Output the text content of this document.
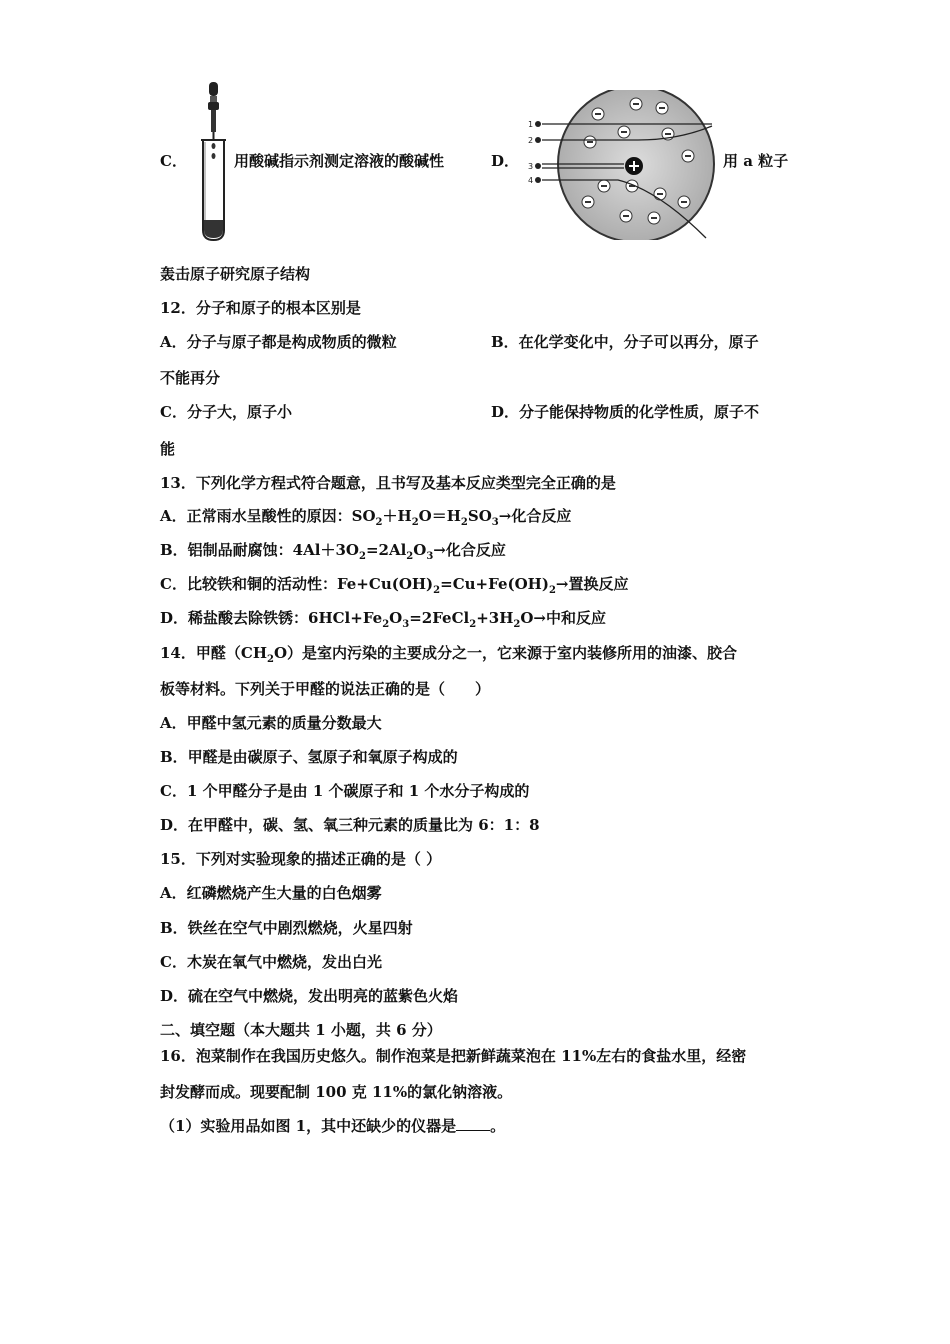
C．	用酸碱指示剂测定溶液的酸碱性	D．
1
2
3
4
用 a 粒子
轰击原子研究原子结构
12．分子和原子的根本区别是
A．分子与原子都是构成物质的微粒	B．在化学变化中，分子可以再分，原子
不能再分
C．分子大，原子小	D．分子能保持物质的化学性质，原子不
能
13．下列化学方程式符合题意，且书写及基本反应类型完全正确的是
A．正常雨水呈酸性的原因：$SO_2+H_2O=H_2SO_3\to$化合反应
B．铝制品耐腐蚀：$4Al+3O_2=2Al_2O_3\to$化合反应
C．比较铁和铜的活动性：$Fe+Cu(OH)_2=Cu+Fe(OH)_2\to$置换反应
D．稀盐酸去除铁锈：$6HCl+Fe_2O_3=2FeCl_2+3H_2O\to$中和反应
14．甲醛$(CH_2O)$是室内污染的主要成分之一，它来源于室内装修所用的油漆、胶合
板等材料。下列关于甲醛的说法正确的是（　　）
A．甲醛中氢元素的质量分数最大
B．甲醛是由碳原子、氢原子和氧原子构成的
C．1 个甲醛分子是由 1 个碳原子和 1 个水分子构成的
D．在甲醛中，碳、氢、氧三种元素的质量比为 6：1：8
15．下列对实验现象的描述正确的是（ ）
A．红磷燃烧产生大量的白色烟雾
B．铁丝在空气中剧烈燃烧，火星四射
C．木炭在氧气中燃烧，发出白光
D．硫在空气中燃烧，发出明亮的蓝紫色火焰
二、填空题（本大题共 1 小题，共 6 分）
16．泡菜制作在我国历史悠久。制作泡菜是把新鲜蔬菜泡在 11%左右的食盐水里，经密
封发酵而成。现要配制 100 克 11%的氯化钠溶液。
（1）实验用品如图 1，其中还缺少的仪器是 。
